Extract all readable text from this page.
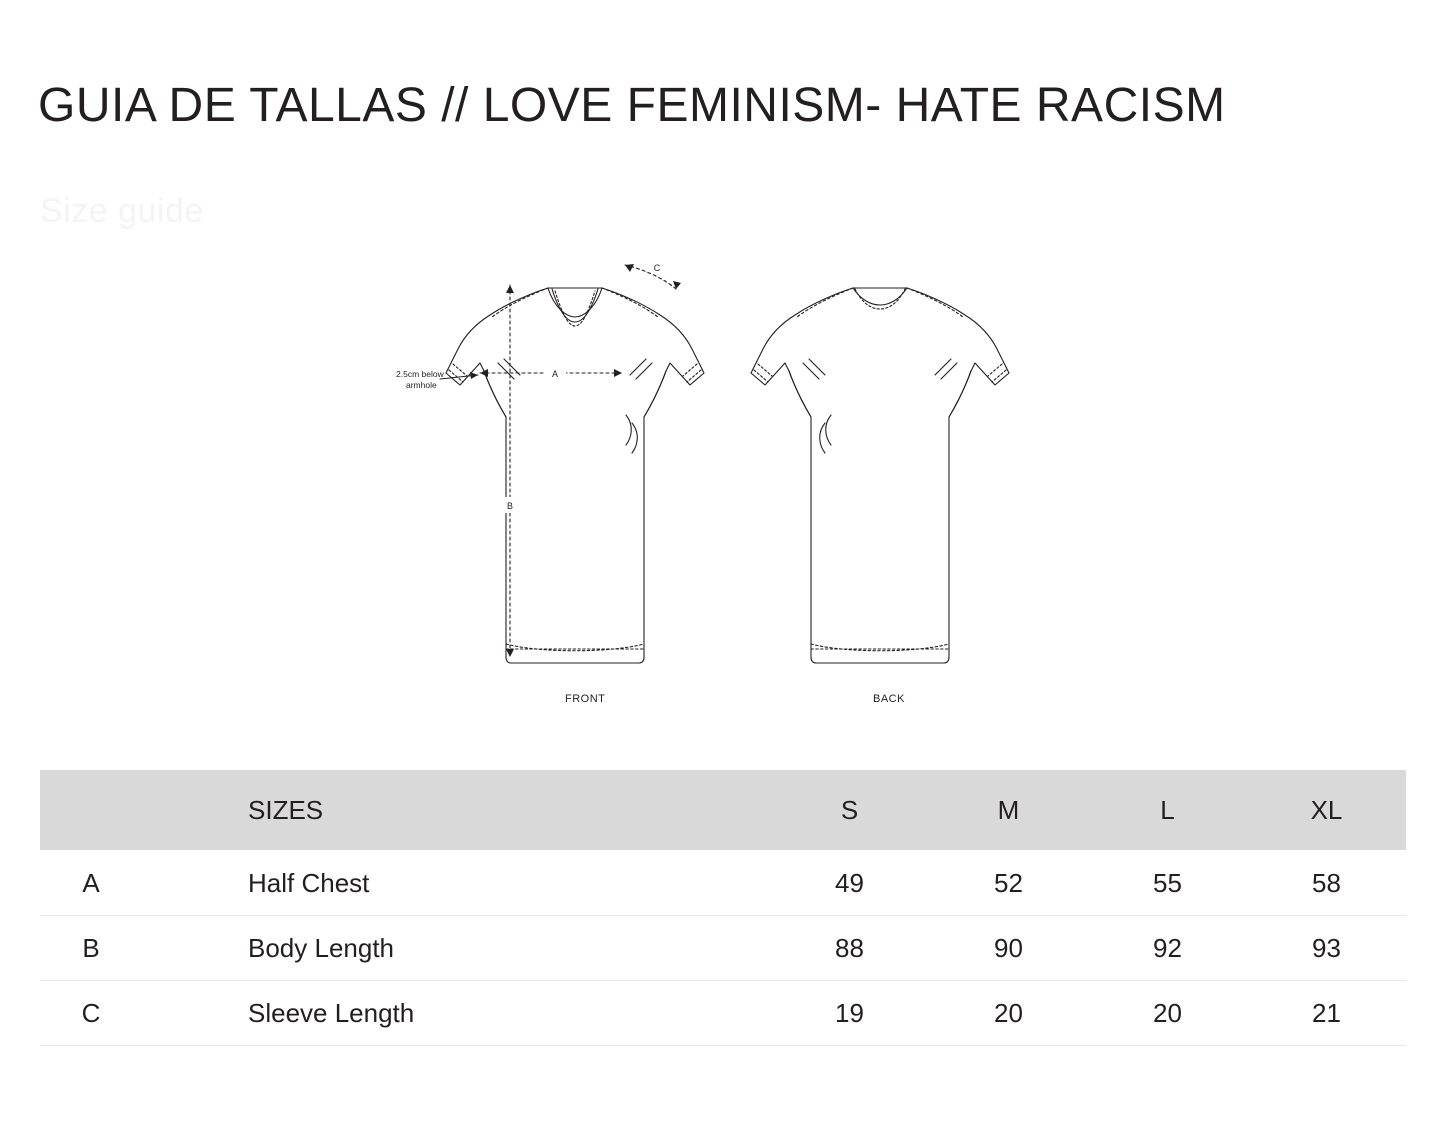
GUIA DE TALLAS // LOVE FEMINISM- HATE RACISM
Size guide
A
B
C
2.5cm below
armhole
FRONT	BACK
	SIZES	S	M	L	XL
A	Half Chest	49	52	55	58
B	Body Length	88	90	92	93
C	Sleeve Length	19	20	20	21
